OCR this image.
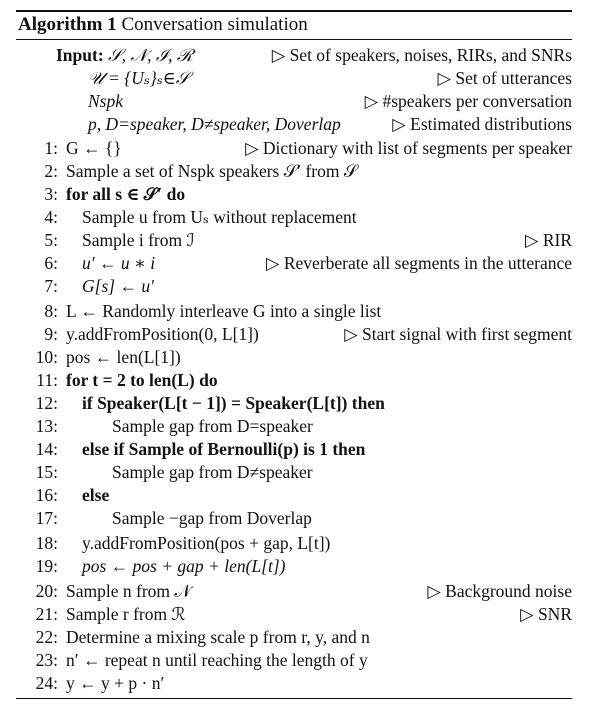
Algorithm 1 Conversation simulation
Input: 𝒮, 𝒩, ℐ, ℛ	▷ Set of speakers, noises, RIRs, and SNRs
𝒰 = {Uₛ}ₛ∈𝒮	▷ Set of utterances
Nspk	▷ #speakers per conversation
p, D=speaker, D≠speaker, Doverlap	▷ Estimated distributions
1: G ← {}	▷ Dictionary with list of segments per speaker
2: Sample a set of Nspk speakers 𝒮′ from 𝒮
3: for all s ∈ 𝒮′ do
4: Sample u from Uₛ without replacement
5: Sample i from ℐ	▷ RIR
6: u′ ← u ∗ i	▷ Reverberate all segments in the utterance
7: G[s] ← u′
8: L ← Randomly interleave G into a single list
9: y.addFromPosition(0, L[1])	▷ Start signal with first segment
10: pos ← len(L[1])
11: for t = 2 to len(L) do
12: if Speaker(L[t − 1]) = Speaker(L[t]) then
13:	Sample gap from D=speaker
14: else if Sample of Bernoulli(p) is 1 then
15:	Sample gap from D≠speaker
16: else
17:	Sample −gap from Doverlap
18: y.addFromPosition(pos + gap, L[t])
19: pos ← pos + gap + len(L[t])
20: Sample n from 𝒩	▷ Background noise
21: Sample r from ℛ	▷ SNR
22: Determine a mixing scale p from r, y, and n
23: n′ ← repeat n until reaching the length of y
24: y ← y + p · n′
